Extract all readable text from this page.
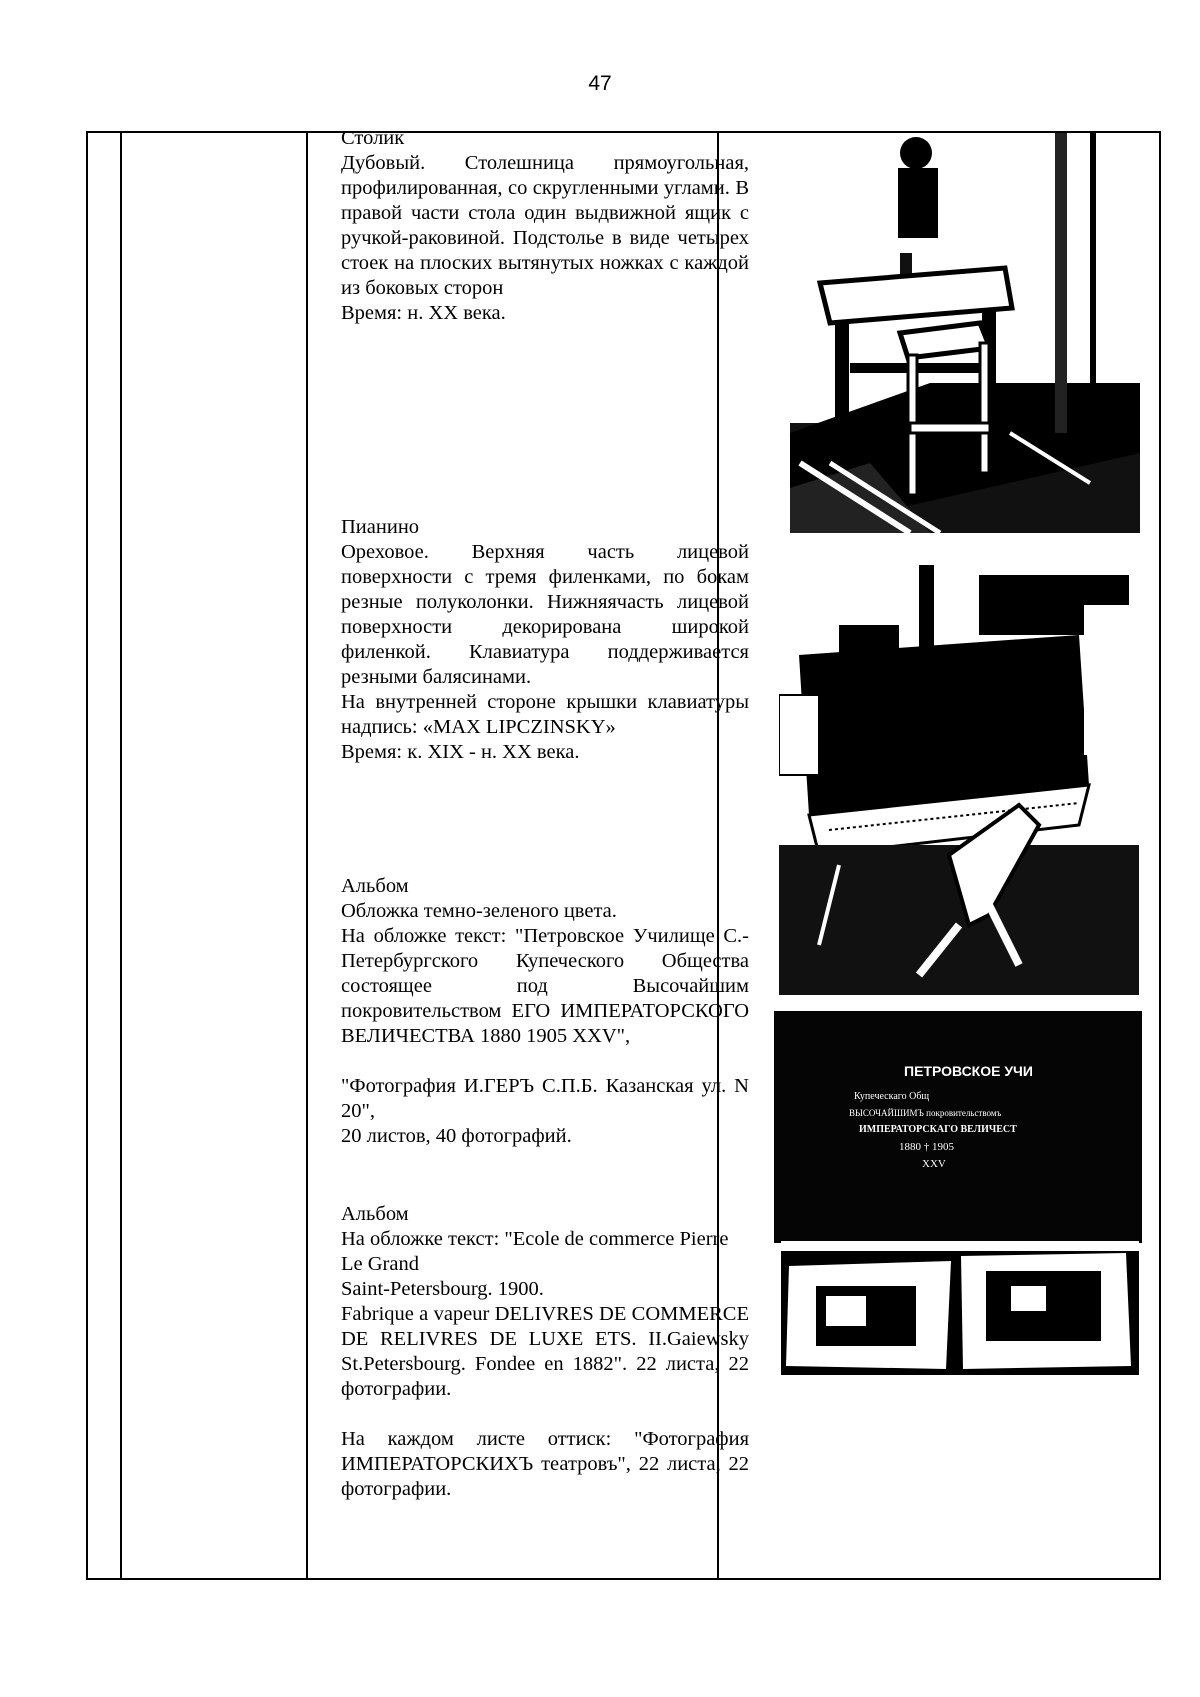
47

Столик

Дубовый. Столешница прямоугольная, профилированная, со скругленными углами. В правой части стола один выдвижной ящик с ручкой-раковиной. Подстолье в виде четырех стоек на плоских вытянутых ножках с каждой из боковых сторон

Время: н. XX века.

Пианино

Ореховое. Верхняя часть лицевой поверхности с тремя филенками, по бокам резные полуколонки. Нижняячасть лицевой поверхности декорирована широкой филенкой. Клавиатура поддерживается резными балясинами.

На внутренней стороне крышки клавиатуры надпись: «MAX LIPCZINSKY»

Время: к. XIX - н. XX века.

Альбом

Обложка темно-зеленого цвета.

На обложке текст: "Петровское Училище С.-Петербургского Купеческого Общества состоящее под Высочайшим покровительством ЕГО ИМПЕРАТОРСКОГО ВЕЛИЧЕСТВА 1880 1905 XXV",

"Фотография И.ГЕРЪ С.П.Б. Казанская ул. N 20",

20 листов, 40 фотографий.

Альбом

На обложке текст: "Ecole de commerce Pierre Le Grand

Saint-Petersbourg. 1900.

Fabrique a vapeur DELIVRES DE COMMERCE DE RELIVRES DE LUXE ETS. II.Gaiewsky St.Petersbourg. Fondee en 1882". 22 листа, 22 фотографии.

На каждом листе оттиск: "Фотография ИМПЕРАТОРСКИХЪ театровъ", 22 листа, 22 фотографии.

ПЕТРОВСКОЕ УЧИ
Купеческаго Общ
ВЫСОЧАЙШИМЪ покровительствомъ
ИМПЕРАТОРСКАГО ВЕЛИЧЕСТ
1880 † 1905
XXV
